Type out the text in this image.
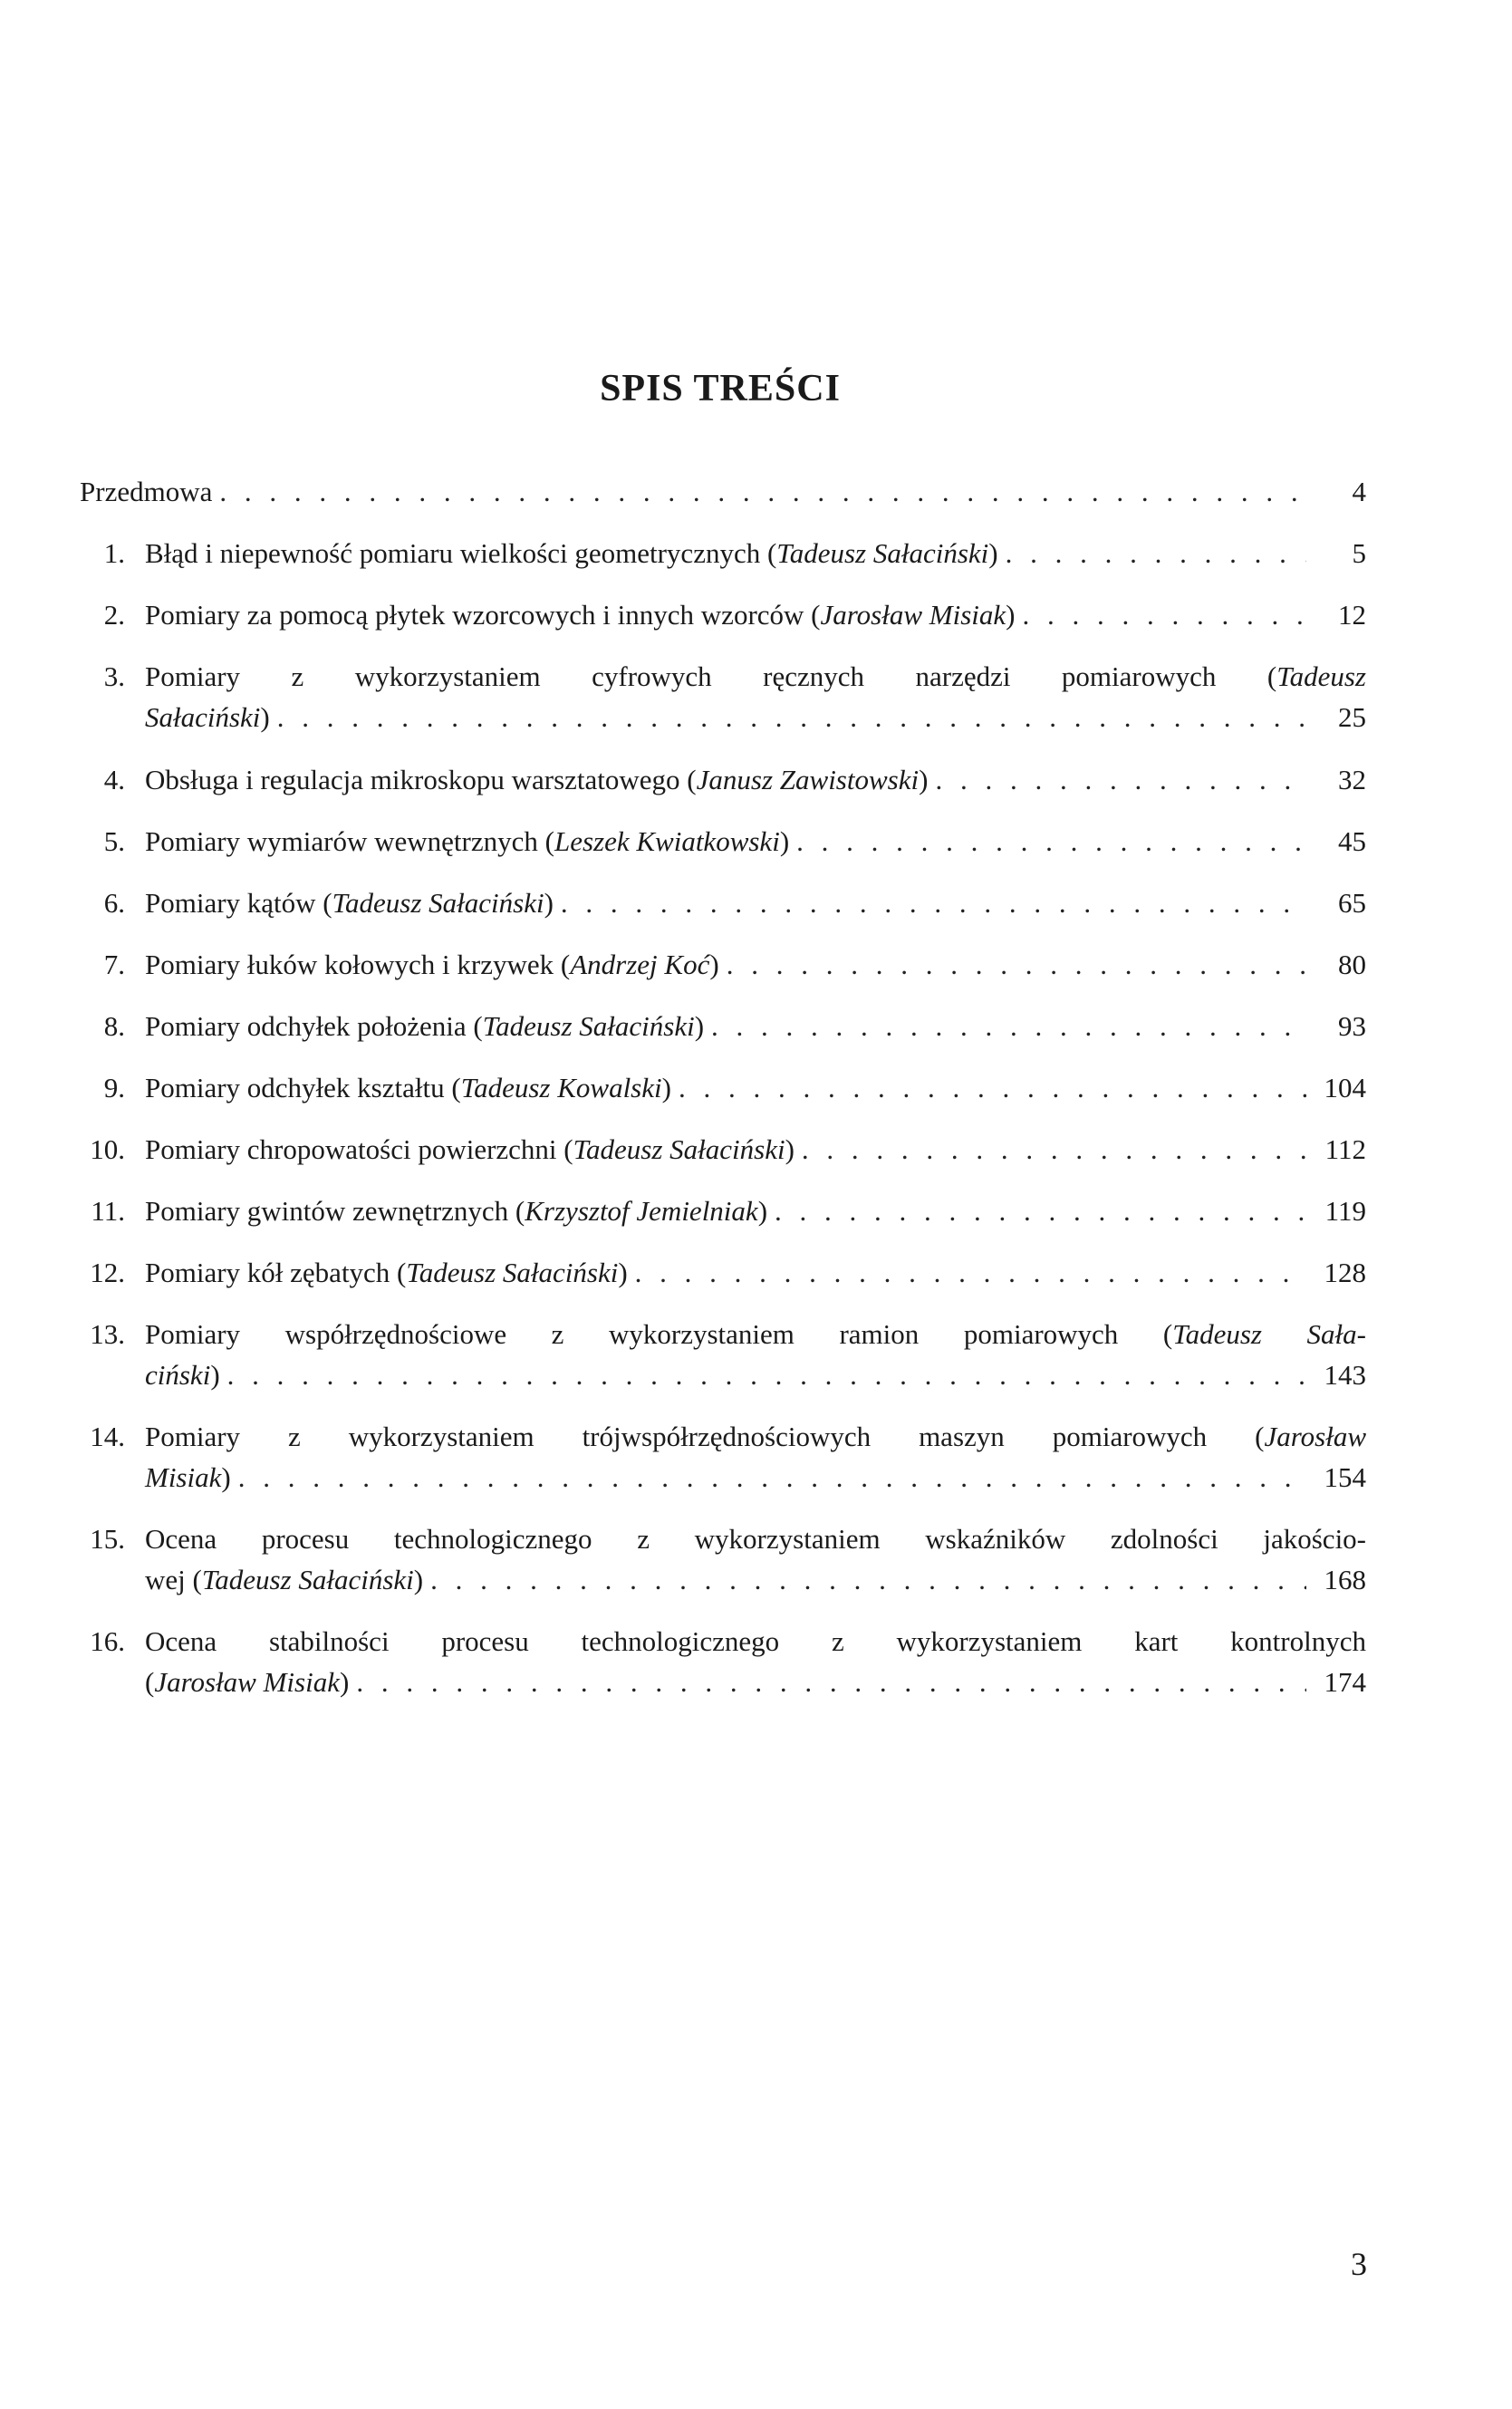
SPIS TREŚCI
Przedmowa . . .	4
1. Błąd i niepewność pomiaru wielkości geometrycznych (Tadeusz Sałaciński) . . .	5
2. Pomiary za pomocą płytek wzorcowych i innych wzorców (Jarosław Misiak) . . .	12
3. Pomiary z wykorzystaniem cyfrowych ręcznych narzędzi pomiarowych (Tadeusz
Sałaciński) . . .	25
4. Obsługa i regulacja mikroskopu warsztatowego (Janusz Zawistowski) . . .	32
5. Pomiary wymiarów wewnętrznych (Leszek Kwiatkowski) . . .	45
6. Pomiary kątów (Tadeusz Sałaciński) . . .	65
7. Pomiary łuków kołowych i krzywek (Andrzej Koć) . . .	80
8. Pomiary odchyłek położenia (Tadeusz Sałaciński) . . .	93
9. Pomiary odchyłek kształtu (Tadeusz Kowalski) . . .	104
10. Pomiary chropowatości powierzchni (Tadeusz Sałaciński) . . .	112
11. Pomiary gwintów zewnętrznych (Krzysztof Jemielniak) . . .	119
12. Pomiary kół zębatych (Tadeusz Sałaciński) . . .	128
13. Pomiary współrzędnościowe z wykorzystaniem ramion pomiarowych (Tadeusz Sała-
ciński) . . .	143
14. Pomiary z wykorzystaniem trójwspółrzędnościowych maszyn pomiarowych (Jarosław
Misiak) . . .	154
15. Ocena procesu technologicznego z wykorzystaniem wskaźników zdolności jakościo-
wej (Tadeusz Sałaciński) . . .	168
16. Ocena stabilności procesu technologicznego z wykorzystaniem kart kontrolnych
(Jarosław Misiak) . . .	174
3
